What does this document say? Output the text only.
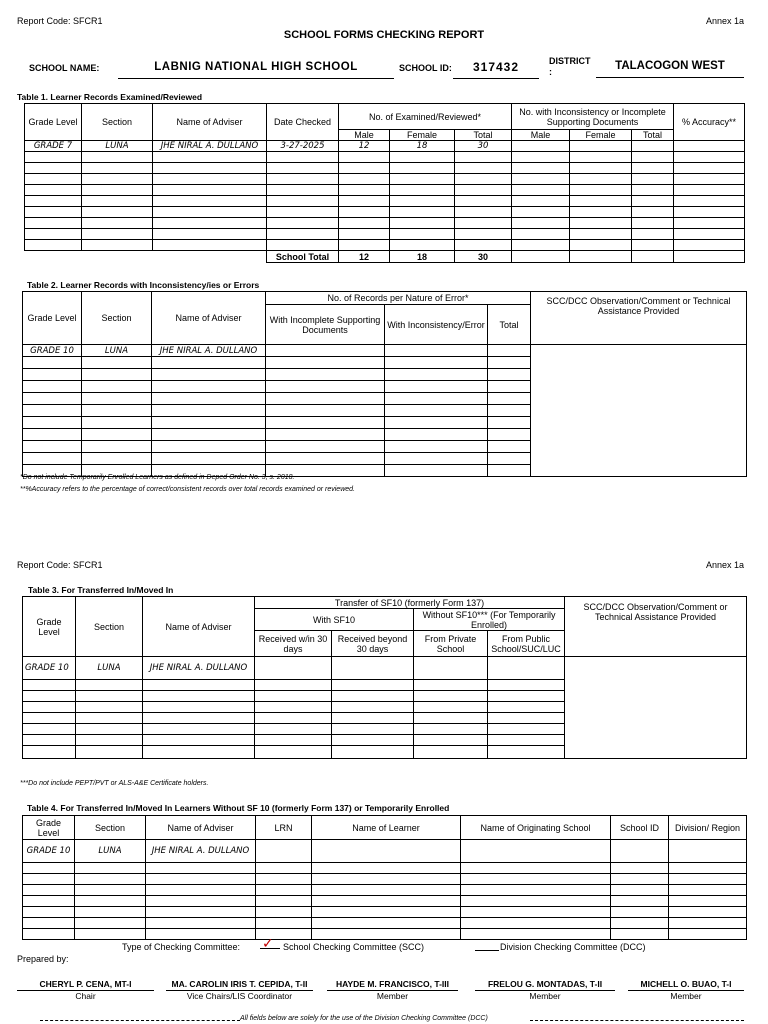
Report Code: SFCR1	Annex 1a
SCHOOL FORMS CHECKING REPORT
SCHOOL NAME:	LABNIG NATIONAL HIGH SCHOOL	SCHOOL ID:	317432	DISTRICT :	TALACOGON WEST
Table 1. Learner Records Examined/Reviewed
Grade Level	Section	Name of Adviser	Date Checked	No. of Examined/Reviewed*			No. with Inconsistency or Incomplete Supporting Documents			% Accuracy**
				Male	Female	Total	Male	Female	Total	
GRADE 7	LUNA	JHE NIRAL A. DULLANO	3-27-2025	12	18	30				

			School Total	12	18	30				
Table 2. Learner Records with Inconsistency/ies or Errors
Grade Level	Section	Name of Adviser	No. of Records per Nature of Error*			SCC/DCC Observation/Comment or Technical Assistance Provided
			With Incomplete Supporting Documents	With Inconsistency/Error	Total	
GRADE 10	LUNA	JHE NIRAL A. DULLANO				

*Do not include Temporarily Enrolled Learners as defined in Deped Order No. 3, s. 2018.
**%Accuracy refers to the percentage of correct/consistent records over total records examined or reviewed.
Report Code: SFCR1	Annex 1a
Table 3. For Transferred In/Moved In
Grade Level	Section	Name of Adviser	Transfer of SF10 (formerly Form 137)				SCC/DCC Observation/Comment or Technical Assistance Provided
			With SF10		Without SF10*** (For Temporarily Enrolled)		
			Received w/in 30 days	Received beyond 30 days	From Private School	From Public School/SUC/LUC	
GRADE 10	LUNA	JHE NIRAL A. DULLANO					

***Do not include PEPT/PVT or ALS-A&E Certificate holders.
Table 4. For Transferred In/Moved In Learners Without SF 10 (formerly Form 137) or Temporarily Enrolled
Grade Level	Section	Name of Adviser	LRN	Name of Learner	Name of Originating School	School ID	Division/ Region
GRADE 10	LUNA	JHE NIRAL A. DULLANO					

Type of Checking Committee: ✓ School Checking Committee (SCC)	Division Checking Committee (DCC)
Prepared by:
CHERYL P. CENA, MT-I
Chair
MA. CAROLIN IRIS T. CEPIDA, T-II
Vice Chairs/LIS Coordinator
HAYDE M. FRANCISCO, T-III
Member
FRELOU G. MONTADAS, T-II
Member
MICHELL O. BUAO, T-I
Member
All fields below are solely for the use of the Division Checking Committee (DCC)
